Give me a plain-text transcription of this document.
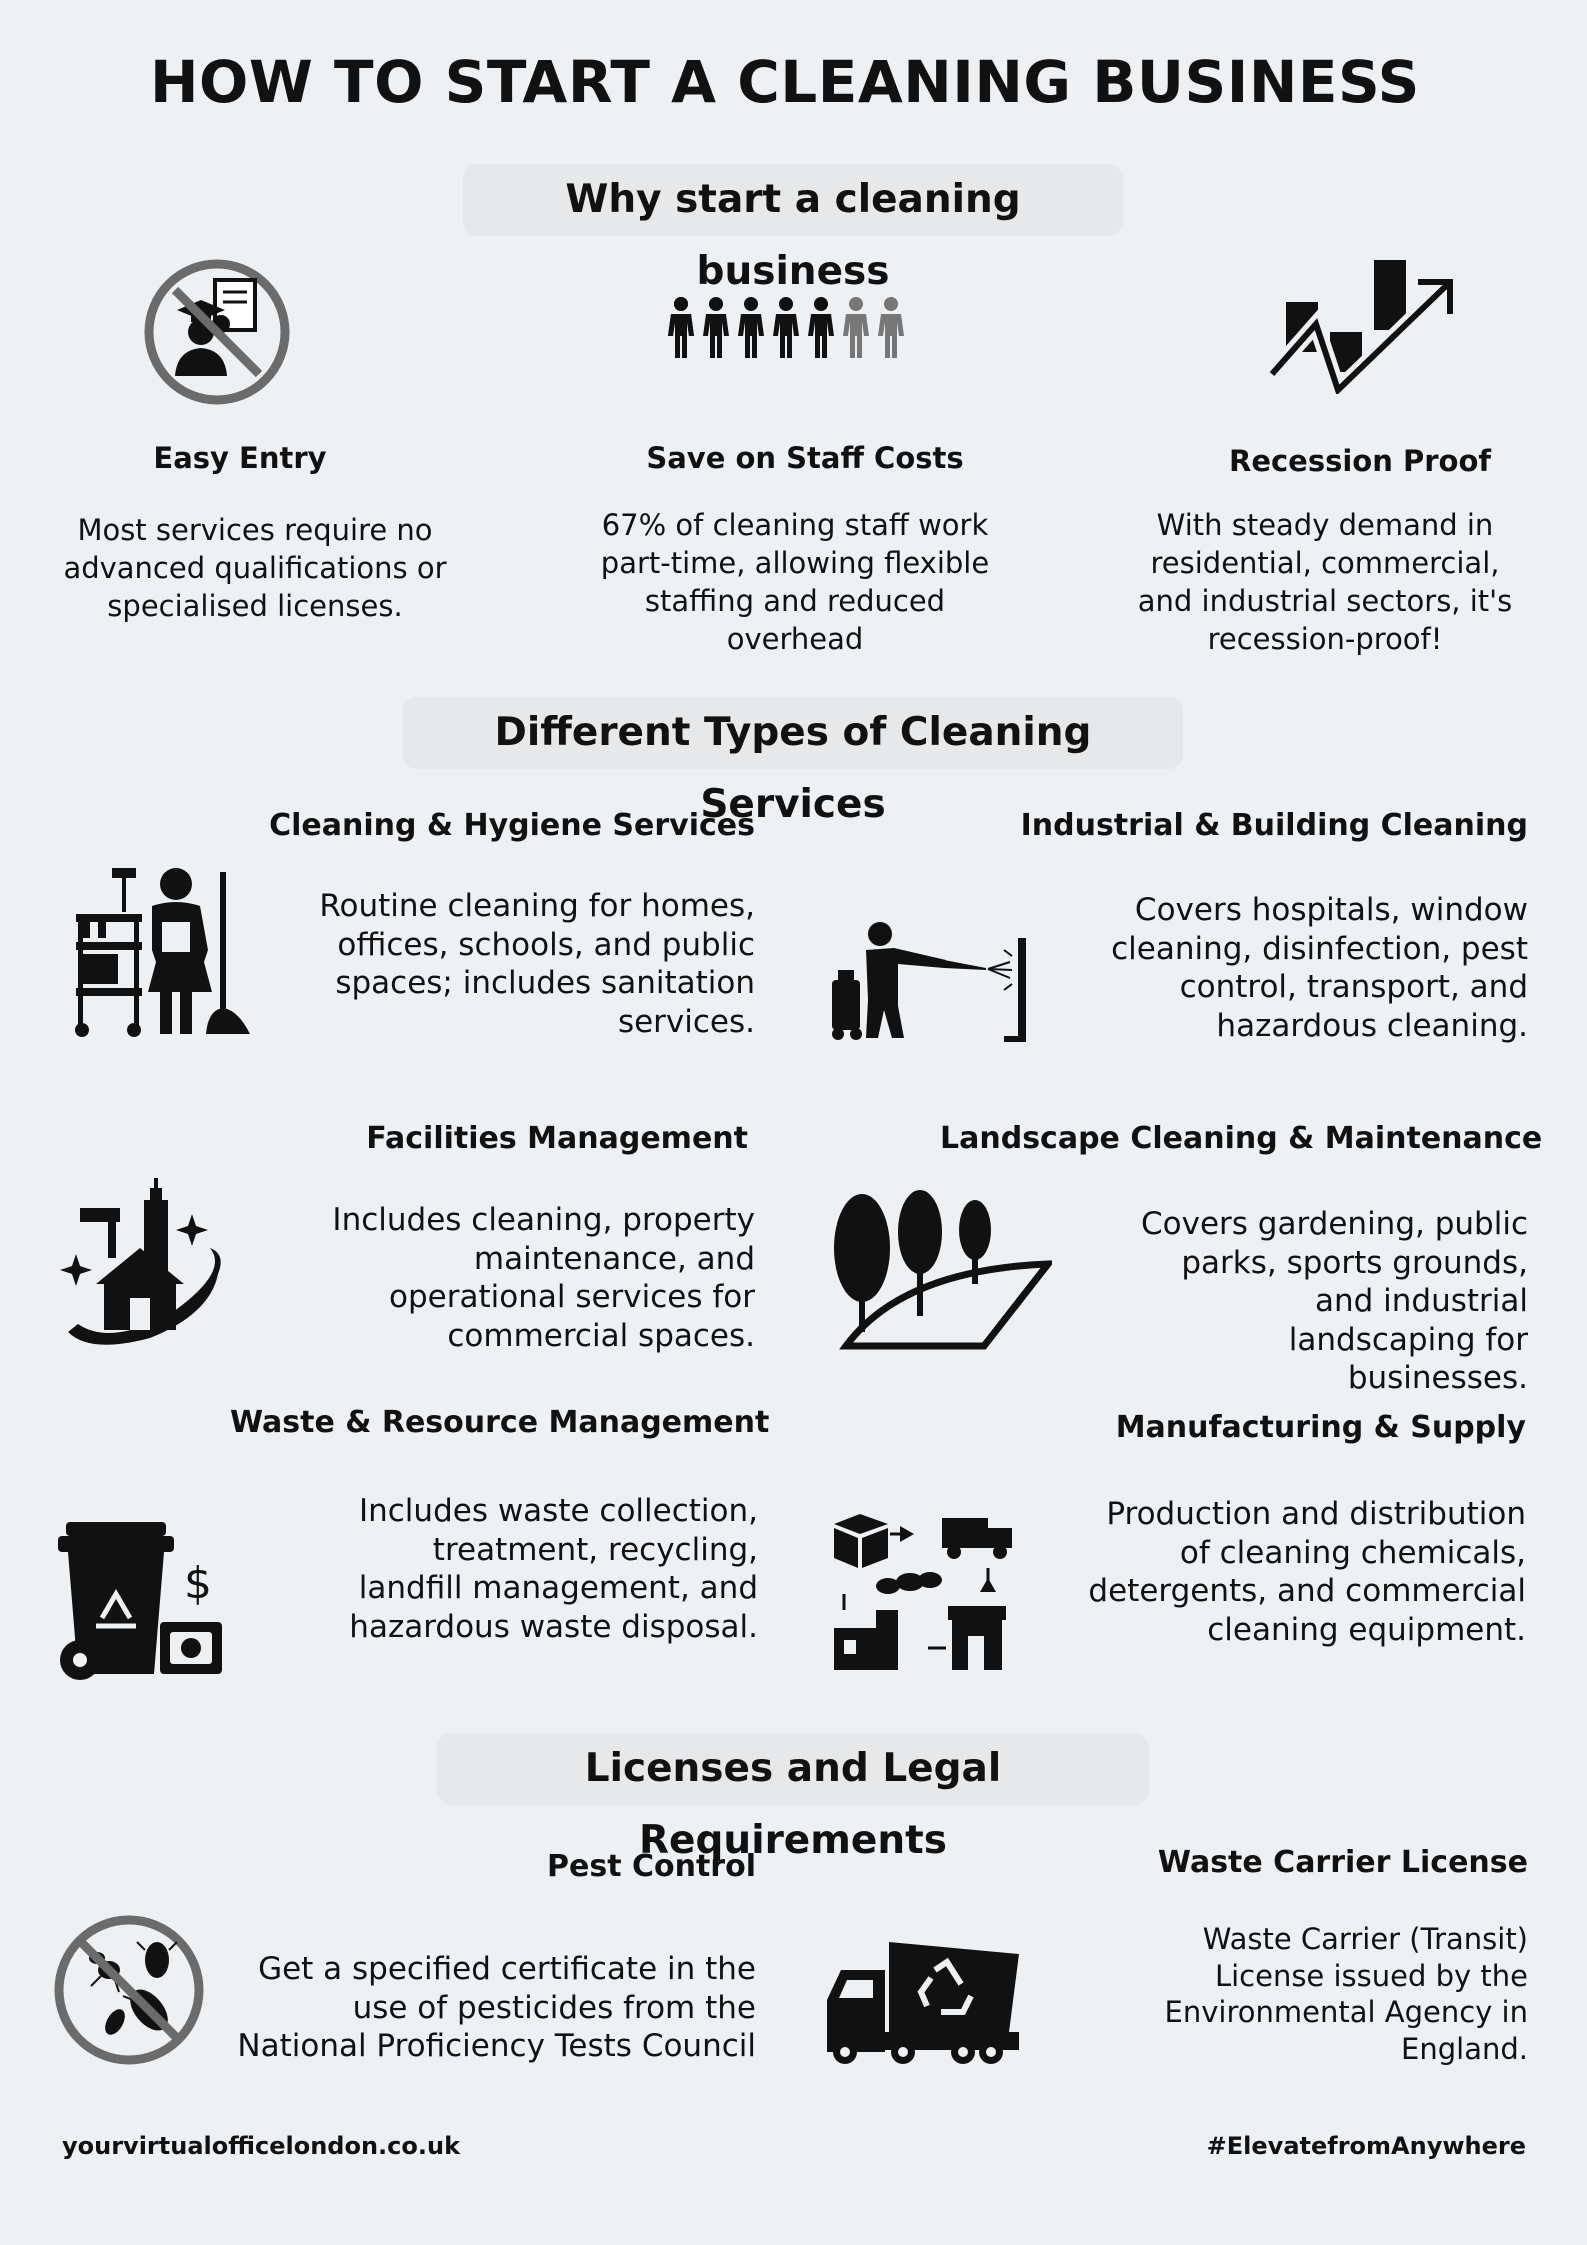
HOW TO START A CLEANING BUSINESS
Why start a cleaning business
Easy Entry
Most services require no advanced qualifications or specialised licenses.
Save on Staff Costs
67% of cleaning staff work part-time, allowing flexible staffing and reduced overhead
Recession Proof
With steady demand in residential, commercial, and industrial sectors, it's recession-proof!
Different Types of Cleaning Services
Cleaning & Hygiene Services
Routine cleaning for homes, offices, schools, and public spaces; includes sanitation services.
Industrial & Building Cleaning
Covers hospitals, window cleaning, disinfection, pest control, transport, and hazardous cleaning.
Facilities Management
Includes cleaning, property maintenance, and operational services for commercial spaces.
Landscape Cleaning & Maintenance
Covers gardening, public parks, sports grounds, and industrial landscaping for businesses.
Waste & Resource Management
Includes waste collection, treatment, recycling, landfill management, and hazardous waste disposal.
$
Manufacturing & Supply
Production and distribution of cleaning chemicals, detergents, and commercial cleaning equipment.
Licenses and Legal Requirements
Pest Control
Get a specified certificate in the use of pesticides from the National Proficiency Tests Council
Waste Carrier License
Waste Carrier (Transit) License issued by the Environmental Agency in England.
yourvirtualofficelondon.co.uk	#ElevatefromAnywhere
